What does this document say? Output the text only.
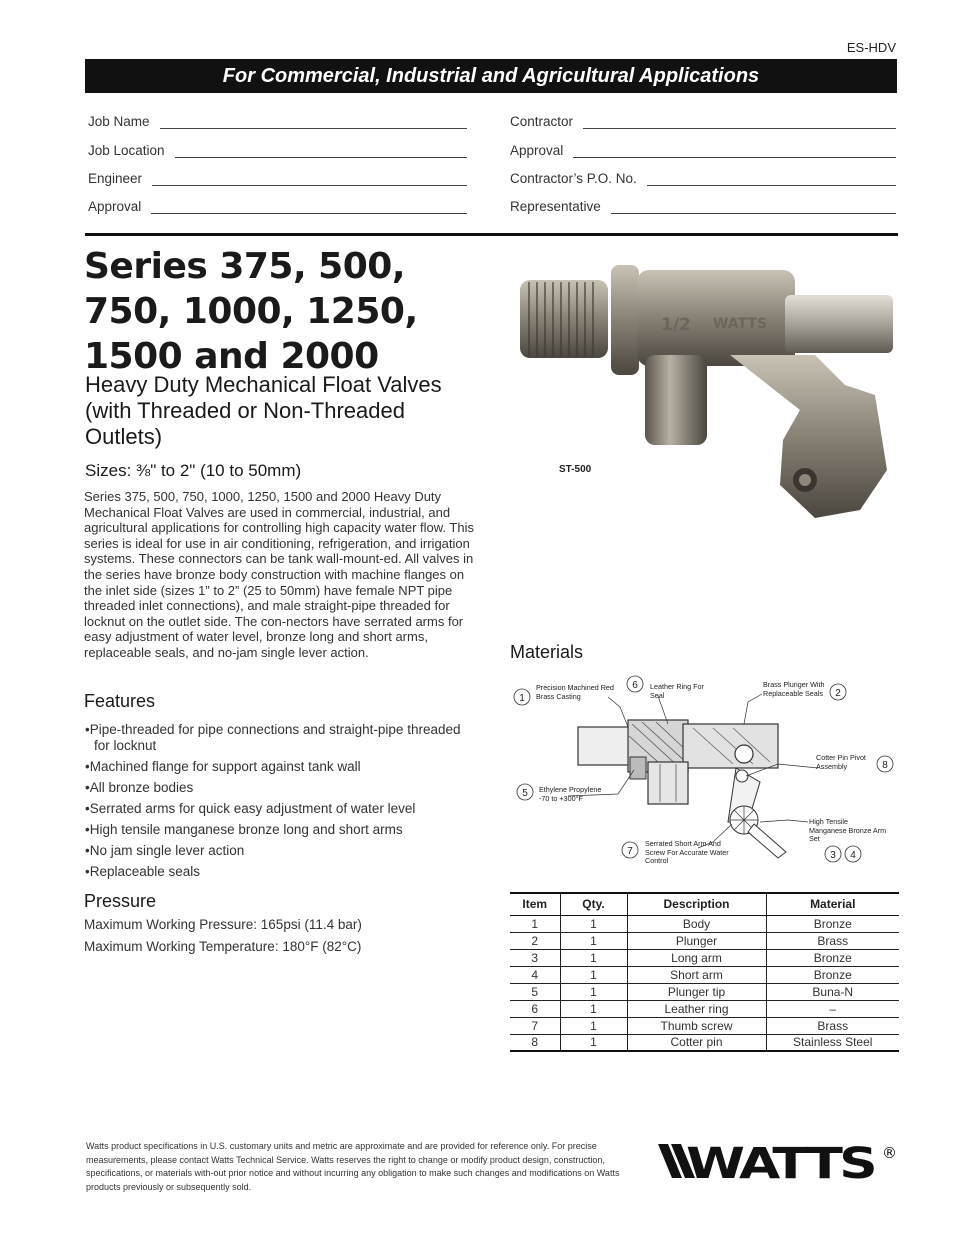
ES-HDV
For Commercial, Industrial and Agricultural Applications
Job Name
Job Location
Engineer
Approval
Contractor
Approval
Contractor’s P.O. No.
Representative
Series 375, 500,
750, 1000, 1250,
1500 and 2000
Heavy Duty Mechanical Float Valves (with Threaded or Non-Threaded Outlets)
Sizes: ⅜" to 2" (10 to 50mm)
Series 375, 500, 750, 1000, 1250, 1500 and 2000 Heavy Duty Mechanical Float Valves are used in commercial, industrial, and agricultural applications for controlling high capacity water flow. This series is ideal for use in air conditioning, refrigeration, and irrigation systems. These connectors can be tank wall-mount-ed. All valves in the series have bronze body construction with machine flanges on the inlet side (sizes 1” to 2” (25 to 50mm) have female NPT pipe threaded inlet connections), and male straight-pipe threaded for locknut on the outlet side. The con-nectors have serrated arms for easy adjustment of water level, bronze long and short arms, replaceable seals, and no-jam single lever action.
Features
• Pipe-threaded for pipe connections and straight-pipe threaded for locknut
• Machined flange for support against tank wall
• All bronze bodies
• Serrated arms for quick easy adjustment of water level
• High tensile manganese bronze long and short arms
• No jam single lever action
• Replaceable seals
Pressure
Maximum Working Pressure: 165psi (11.4 bar)
Maximum Working Temperature: 180°F (82°C)
1/2 WATTS
ST-500
Materials
1
6
2
8
5
7	3 4
Precision Machined Red Brass Casting
Leather Ring For Seal
Brass Plunger With Replaceable Seals
Cotter Pin Pivot Assembly
Ethylene Propylene
-70 to +300°F
Serrated Short Arm And Screw For Accurate Water Control
High Tensile Manganese Bronze Arm Set
Item	Qty.	Description	Material
1	1	Body	Bronze
2	1	Plunger	Brass
3	1	Long arm	Bronze
4	1	Short arm	Bronze
5	1	Plunger tip	Buna-N
6	1	Leather ring	–
7	1	Thumb screw	Brass
8	1	Cotter pin	Stainless Steel
Watts product specifications in U.S. customary units and metric are approximate and are provided for reference only. For precise measurements, please contact Watts Technical Service. Watts reserves the right to change or modify product design, construction, specifications, or materials with-out prior notice and without incurring any obligation to make such changes and modifications on Watts products previously or subsequently sold.	WATTS ®
